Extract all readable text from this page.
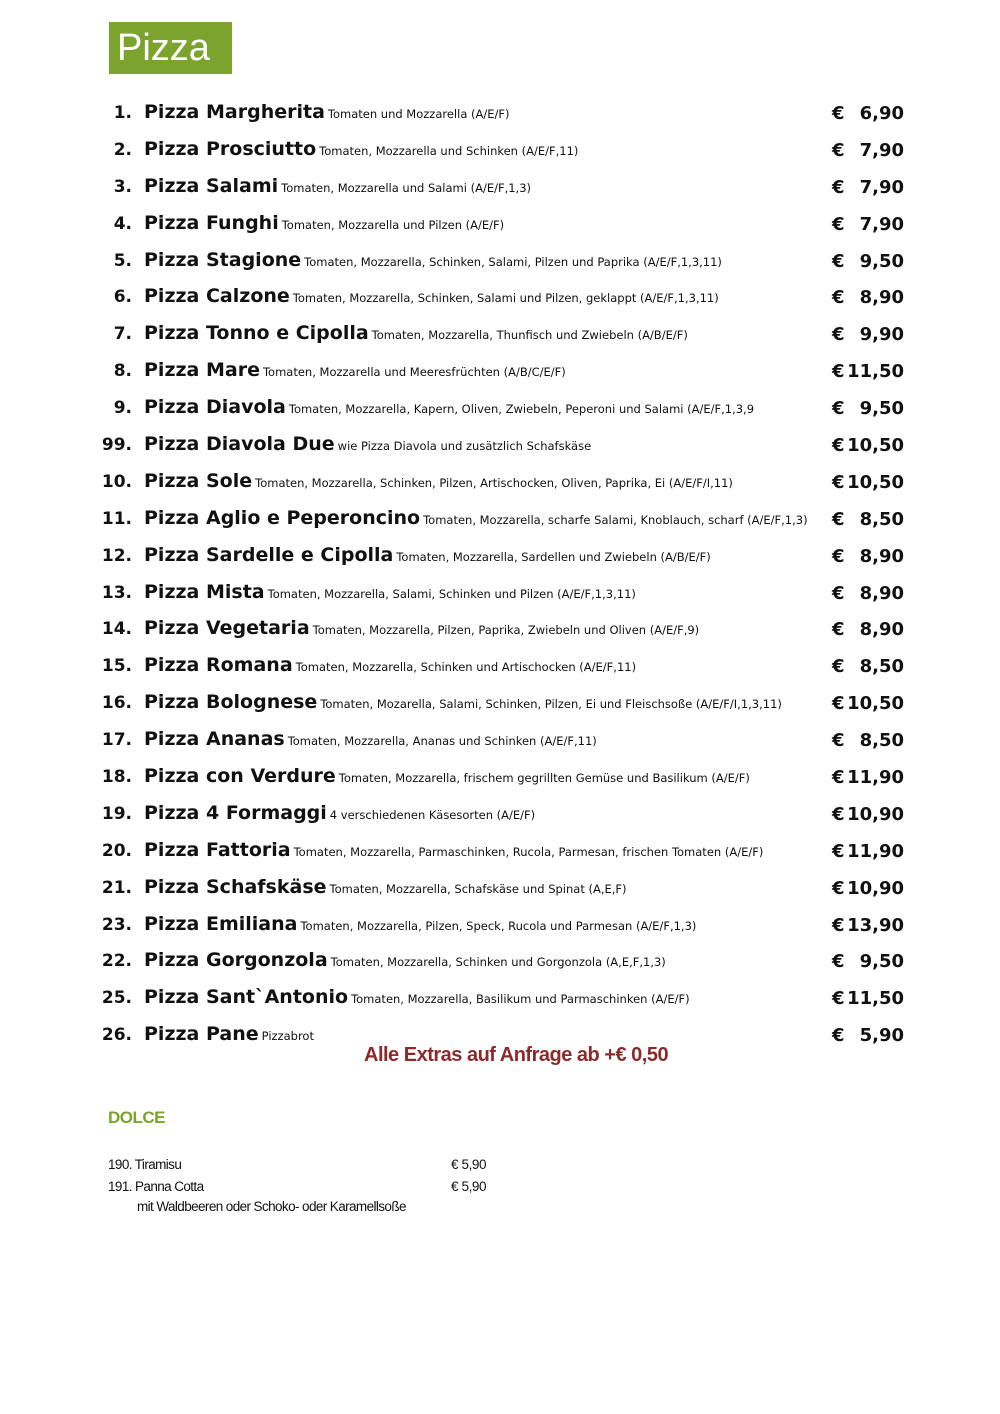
Pizza
1. Pizza Margherita Tomaten und Mozzarella (A/E/F)	€ 6,90
2. Pizza Prosciutto Tomaten, Mozzarella und Schinken (A/E/F,11)	€ 7,90
3. Pizza Salami Tomaten, Mozzarella und Salami (A/E/F,1,3)	€ 7,90
4. Pizza Funghi Tomaten, Mozzarella und Pilzen (A/E/F)	€ 7,90
5. Pizza Stagione Tomaten, Mozzarella, Schinken, Salami, Pilzen und Paprika (A/E/F,1,3,11)	€ 9,50
6. Pizza Calzone Tomaten, Mozzarella, Schinken, Salami und Pilzen, geklappt (A/E/F,1,3,11)	€ 8,90
7. Pizza Tonno e Cipolla Tomaten, Mozzarella, Thunfisch und Zwiebeln (A/B/E/F)	€ 9,90
8. Pizza Mare Tomaten, Mozzarella und Meeresfrüchten (A/B/C/E/F)	€ 11,50
9. Pizza Diavola Tomaten, Mozzarella, Kapern, Oliven, Zwiebeln, Peperoni und Salami (A/E/F,1,3,9	€ 9,50
99. Pizza Diavola Due wie Pizza Diavola und zusätzlich Schafskäse	€ 10,50
10. Pizza Sole Tomaten, Mozzarella, Schinken, Pilzen, Artischocken, Oliven, Paprika, Ei (A/E/F/I,11)	€ 10,50
11. Pizza Aglio e Peperoncino Tomaten, Mozzarella, scharfe Salami, Knoblauch, scharf (A/E/F,1,3) € 8,50
12. Pizza Sardelle e Cipolla Tomaten, Mozzarella, Sardellen und Zwiebeln (A/B/E/F)	€ 8,90
13. Pizza Mista Tomaten, Mozzarella, Salami, Schinken und Pilzen (A/E/F,1,3,11)	€ 8,90
14. Pizza Vegetaria Tomaten, Mozzarella, Pilzen, Paprika, Zwiebeln und Oliven (A/E/F,9)	€ 8,90
15. Pizza Romana Tomaten, Mozzarella, Schinken und Artischocken (A/E/F,11)	€ 8,50
16. Pizza Bolognese Tomaten, Mozarella, Salami, Schinken, Pilzen, Ei und Fleischsoße (A/E/F/I,1,3,11)	€ 10,50
17. Pizza Ananas Tomaten, Mozzarella, Ananas und Schinken (A/E/F,11)	€ 8,50
18. Pizza con Verdure Tomaten, Mozzarella, frischem gegrillten Gemüse und Basilikum (A/E/F)	€ 11,90
19. Pizza 4 Formaggi 4 verschiedenen Käsesorten (A/E/F)	€ 10,90
20. Pizza Fattoria Tomaten, Mozzarella, Parmaschinken, Rucola, Parmesan, frischen Tomaten (A/E/F)	€ 11,90
21. Pizza Schafskäse Tomaten, Mozzarella, Schafskäse und Spinat (A,E,F)	€ 10,90
23. Pizza Emiliana Tomaten, Mozzarella, Pilzen, Speck, Rucola und Parmesan (A/E/F,1,3)	€ 13,90
22. Pizza Gorgonzola Tomaten, Mozzarella, Schinken und Gorgonzola (A,E,F,1,3)	€ 9,50
25. Pizza Sant`Antonio Tomaten, Mozzarella, Basilikum und Parmaschinken (A/E/F)	€ 11,50
26. Pizza Pane Pizzabrot	€ 5,90
Alle Extras auf Anfrage ab +€ 0,50
DOLCE
190. Tiramisu	€ 5,90
191. Panna Cotta	€ 5,90
mit Waldbeeren oder Schoko- oder Karamellsoße
